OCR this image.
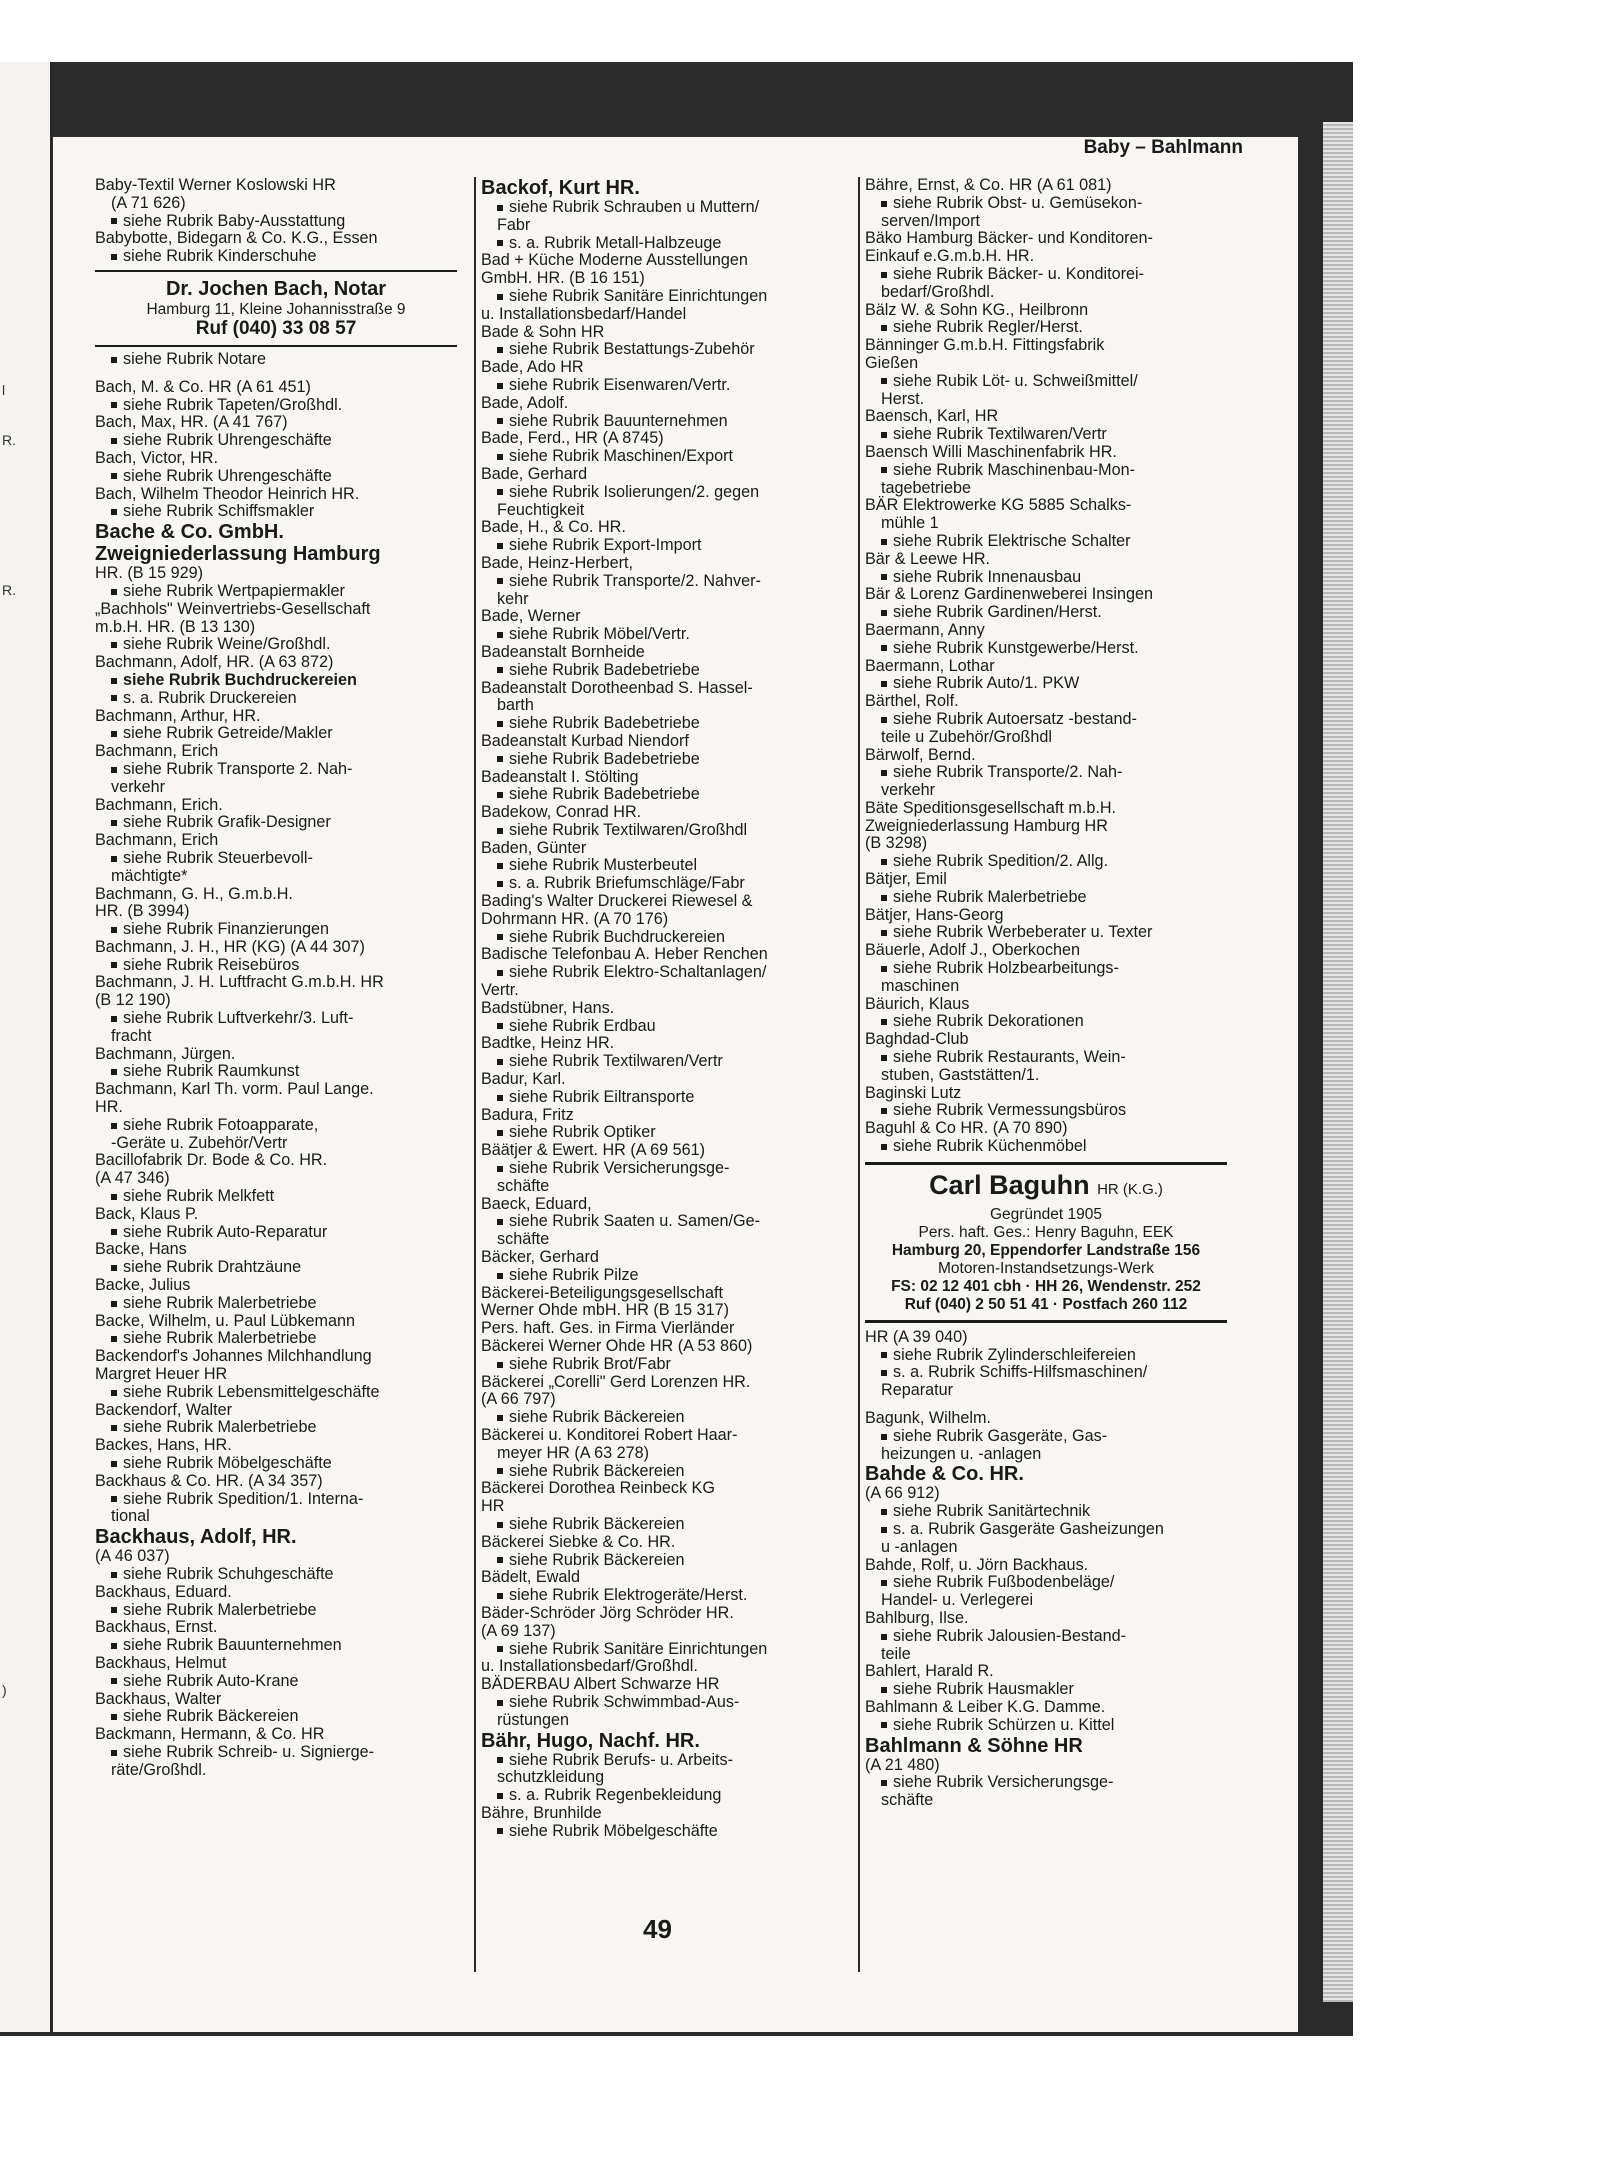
R.
R.
l
)
Baby – Bahlmann

Baby-Textil Werner Koslowski HR

(A 71 626)

siehe Rubrik Baby-Ausstattung

Babybotte, Bidegarn & Co. K.G., Essen

siehe Rubrik Kinderschuhe

Dr. Jochen Bach, Notar
Hamburg 11, Kleine Johannisstraße 9
Ruf (040) 33 08 57

siehe Rubrik Notare

Bach, M. & Co. HR (A 61 451)

siehe Rubrik Tapeten/Großhdl.

Bach, Max, HR. (A 41 767)

siehe Rubrik Uhrengeschäfte

Bach, Victor, HR.

siehe Rubrik Uhrengeschäfte

Bach, Wilhelm Theodor Heinrich HR.

siehe Rubrik Schiffsmakler

Bache & Co. GmbH.

Zweigniederlassung Hamburg

HR. (B 15 929)

siehe Rubrik Wertpapiermakler

„Bachhols" Weinvertriebs-Gesellschaft

m.b.H. HR. (B 13 130)

siehe Rubrik Weine/Großhdl.

Bachmann, Adolf, HR. (A 63 872)

siehe Rubrik Buchdruckereien

s. a. Rubrik Druckereien

Bachmann, Arthur, HR.

siehe Rubrik Getreide/Makler

Bachmann, Erich

siehe Rubrik Transporte 2. Nah-

verkehr

Bachmann, Erich.

siehe Rubrik Grafik-Designer

Bachmann, Erich

siehe Rubrik Steuerbevoll-

mächtigte*

Bachmann, G. H., G.m.b.H.

HR. (B 3994)

siehe Rubrik Finanzierungen

Bachmann, J. H., HR (KG) (A 44 307)

siehe Rubrik Reisebüros

Bachmann, J. H. Luftfracht G.m.b.H. HR

(B 12 190)

siehe Rubrik Luftverkehr/3. Luft-

fracht

Bachmann, Jürgen.

siehe Rubrik Raumkunst

Bachmann, Karl Th. vorm. Paul Lange.

HR.

siehe Rubrik Fotoapparate,

-Geräte u. Zubehör/Vertr

Bacillofabrik Dr. Bode & Co. HR.

(A 47 346)

siehe Rubrik Melkfett

Back, Klaus P.

siehe Rubrik Auto-Reparatur

Backe, Hans

siehe Rubrik Drahtzäune

Backe, Julius

siehe Rubrik Malerbetriebe

Backe, Wilhelm, u. Paul Lübkemann

siehe Rubrik Malerbetriebe

Backendorf's Johannes Milchhandlung

Margret Heuer HR

siehe Rubrik Lebensmittelgeschäfte

Backendorf, Walter

siehe Rubrik Malerbetriebe

Backes, Hans, HR.

siehe Rubrik Möbelgeschäfte

Backhaus & Co. HR. (A 34 357)

siehe Rubrik Spedition/1. Interna-

tional

Backhaus, Adolf, HR.

(A 46 037)

siehe Rubrik Schuhgeschäfte

Backhaus, Eduard.

siehe Rubrik Malerbetriebe

Backhaus, Ernst.

siehe Rubrik Bauunternehmen

Backhaus, Helmut

siehe Rubrik Auto-Krane

Backhaus, Walter

siehe Rubrik Bäckereien

Backmann, Hermann, & Co. HR

siehe Rubrik Schreib- u. Signierge-

räte/Großhdl.

Backof, Kurt HR.

siehe Rubrik Schrauben u Muttern/

Fabr

s. a. Rubrik Metall-Halbzeuge

Bad + Küche Moderne Ausstellungen

GmbH. HR. (B 16 151)

siehe Rubrik Sanitäre Einrichtungen

u. Installationsbedarf/Handel

Bade & Sohn HR

siehe Rubrik Bestattungs-Zubehör

Bade, Ado HR

siehe Rubrik Eisenwaren/Vertr.

Bade, Adolf.

siehe Rubrik Bauunternehmen

Bade, Ferd., HR (A 8745)

siehe Rubrik Maschinen/Export

Bade, Gerhard

siehe Rubrik Isolierungen/2. gegen

Feuchtigkeit

Bade, H., & Co. HR.

siehe Rubrik Export-Import

Bade, Heinz-Herbert,

siehe Rubrik Transporte/2. Nahver-

kehr

Bade, Werner

siehe Rubrik Möbel/Vertr.

Badeanstalt Bornheide

siehe Rubrik Badebetriebe

Badeanstalt Dorotheenbad S. Hassel-

barth

siehe Rubrik Badebetriebe

Badeanstalt Kurbad Niendorf

siehe Rubrik Badebetriebe

Badeanstalt I. Stölting

siehe Rubrik Badebetriebe

Badekow, Conrad HR.

siehe Rubrik Textilwaren/Großhdl

Baden, Günter

siehe Rubrik Musterbeutel

s. a. Rubrik Briefumschläge/Fabr

Bading's Walter Druckerei Riewesel &

Dohrmann HR. (A 70 176)

siehe Rubrik Buchdruckereien

Badische Telefonbau A. Heber Renchen

siehe Rubrik Elektro-Schaltanlagen/

Vertr.

Badstübner, Hans.

siehe Rubrik Erdbau

Badtke, Heinz HR.

siehe Rubrik Textilwaren/Vertr

Badur, Karl.

siehe Rubrik Eiltransporte

Badura, Fritz

siehe Rubrik Optiker

Bäätjer & Ewert. HR (A 69 561)

siehe Rubrik Versicherungsge-

schäfte

Baeck, Eduard,

siehe Rubrik Saaten u. Samen/Ge-

schäfte

Bäcker, Gerhard

siehe Rubrik Pilze

Bäckerei-Beteiligungsgesellschaft

Werner Ohde mbH. HR (B 15 317)

Pers. haft. Ges. in Firma Vierländer

Bäckerei Werner Ohde HR (A 53 860)

siehe Rubrik Brot/Fabr

Bäckerei „Corelli" Gerd Lorenzen HR.

(A 66 797)

siehe Rubrik Bäckereien

Bäckerei u. Konditorei Robert Haar-

meyer HR (A 63 278)

siehe Rubrik Bäckereien

Bäckerei Dorothea Reinbeck KG

HR

siehe Rubrik Bäckereien

Bäckerei Siebke & Co. HR.

siehe Rubrik Bäckereien

Bädelt, Ewald

siehe Rubrik Elektrogeräte/Herst.

Bäder-Schröder Jörg Schröder HR.

(A 69 137)

siehe Rubrik Sanitäre Einrichtungen

u. Installationsbedarf/Großhdl.

BÄDERBAU Albert Schwarze HR

siehe Rubrik Schwimmbad-Aus-

rüstungen

Bähr, Hugo, Nachf. HR.

siehe Rubrik Berufs- u. Arbeits-

schutzkleidung

s. a. Rubrik Regenbekleidung

Bähre, Brunhilde

siehe Rubrik Möbelgeschäfte

Bähre, Ernst, & Co. HR (A 61 081)

siehe Rubrik Obst- u. Gemüsekon-

serven/Import

Bäko Hamburg Bäcker- und Konditoren-

Einkauf e.G.m.b.H. HR.

siehe Rubrik Bäcker- u. Konditorei-

bedarf/Großhdl.

Bälz W. & Sohn KG., Heilbronn

siehe Rubrik Regler/Herst.

Bänninger G.m.b.H. Fittingsfabrik

Gießen

siehe Rubik Löt- u. Schweißmittel/

Herst.

Baensch, Karl, HR

siehe Rubrik Textilwaren/Vertr

Baensch Willi Maschinenfabrik HR.

siehe Rubrik Maschinenbau-Mon-

tagebetriebe

BÄR Elektrowerke KG 5885 Schalks-

mühle 1

siehe Rubrik Elektrische Schalter

Bär & Leewe HR.

siehe Rubrik Innenausbau

Bär & Lorenz Gardinenweberei Insingen

siehe Rubrik Gardinen/Herst.

Baermann, Anny

siehe Rubrik Kunstgewerbe/Herst.

Baermann, Lothar

siehe Rubrik Auto/1. PKW

Bärthel, Rolf.

siehe Rubrik Autoersatz -bestand-

teile u Zubehör/Großhdl

Bärwolf, Bernd.

siehe Rubrik Transporte/2. Nah-

verkehr

Bäte Speditionsgesellschaft m.b.H.

Zweigniederlassung Hamburg HR

(B 3298)

siehe Rubrik Spedition/2. Allg.

Bätjer, Emil

siehe Rubrik Malerbetriebe

Bätjer, Hans-Georg

siehe Rubrik Werbeberater u. Texter

Bäuerle, Adolf J., Oberkochen

siehe Rubrik Holzbearbeitungs-

maschinen

Bäurich, Klaus

siehe Rubrik Dekorationen

Baghdad-Club

siehe Rubrik Restaurants, Wein-

stuben, Gaststätten/1.

Baginski Lutz

siehe Rubrik Vermessungsbüros

Baguhl & Co HR. (A 70 890)

siehe Rubrik Küchenmöbel

Carl Baguhn HR (K.G.)
Gegründet 1905
Pers. haft. Ges.: Henry Baguhn, EEK
Hamburg 20, Eppendorfer Landstraße 156
Motoren-Instandsetzungs-Werk
FS: 02 12 401 cbh · HH 26, Wendenstr. 252
Ruf (040) 2 50 51 41 · Postfach 260 112

HR (A 39 040)

siehe Rubrik Zylinderschleifereien

s. a. Rubrik Schiffs-Hilfsmaschinen/

Reparatur

Bagunk, Wilhelm.

siehe Rubrik Gasgeräte, Gas-

heizungen u. -anlagen

Bahde & Co. HR.

(A 66 912)

siehe Rubrik Sanitärtechnik

s. a. Rubrik Gasgeräte Gasheizungen

u -anlagen

Bahde, Rolf, u. Jörn Backhaus.

siehe Rubrik Fußbodenbeläge/

Handel- u. Verlegerei

Bahlburg, Ilse.

siehe Rubrik Jalousien-Bestand-

teile

Bahlert, Harald R.

siehe Rubrik Hausmakler

Bahlmann & Leiber K.G. Damme.

siehe Rubrik Schürzen u. Kittel

Bahlmann & Söhne HR

(A 21 480)

siehe Rubrik Versicherungsge-

schäfte

49
